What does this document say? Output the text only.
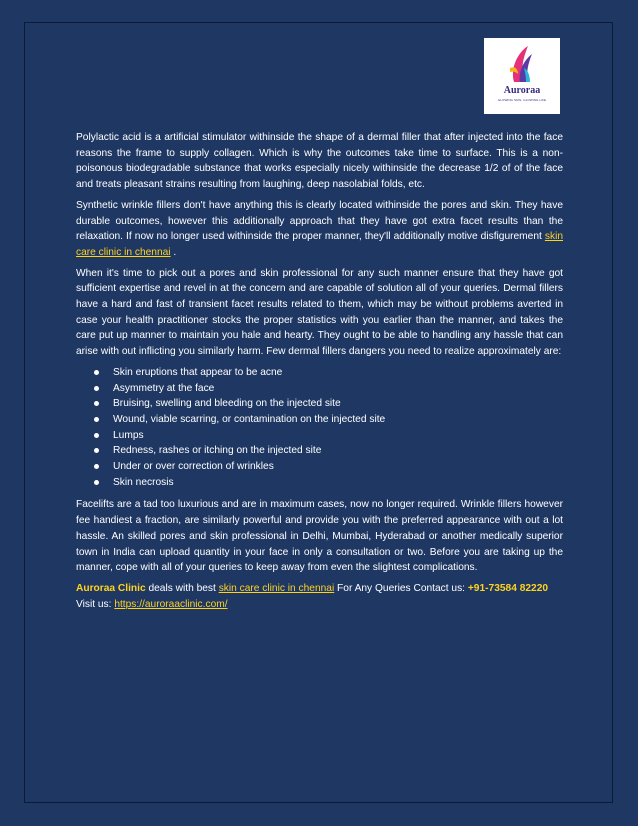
Auroraa
GLOWING SKIN, GLOWING LIFE

Polylactic acid is a artificial stimulator withinside the shape of a dermal filler that after injected into the face reasons the frame to supply collagen. Which is why the outcomes take time to surface. This is a non-poisonous biodegradable substance that works especially nicely withinside the decrease 1/2 of of the face and treats pleasant strains resulting from laughing, deep nasolabial folds, etc.

Synthetic wrinkle fillers don't have anything this is clearly located withinside the pores and skin. They have durable outcomes, however this additionally approach that they have got extra facet results than the relaxation. If now no longer used withinside the proper manner, they'll additionally motive disfigurement skin care clinic in chennai .

When it's time to pick out a pores and skin professional for any such manner ensure that they have got sufficient expertise and revel in at the concern and are capable of solution all of your queries. Dermal fillers have a hard and fast of transient facet results related to them, which may be without problems averted in case your health practitioner stocks the proper statistics with you earlier than the manner, and takes the care put up manner to maintain you hale and hearty. They ought to be able to handling any hassle that can arise with out inflicting you similarly harm. Few dermal fillers dangers you need to realize approximately are:

Skin eruptions that appear to be acne
Asymmetry at the face
Bruising, swelling and bleeding on the injected site
Wound, viable scarring, or contamination on the injected site
Lumps
Redness, rashes or itching on the injected site
Under or over correction of wrinkles
Skin necrosis

Facelifts are a tad too luxurious and are in maximum cases, now no longer required. Wrinkle fillers however fee handiest a fraction, are similarly powerful and provide you with the preferred appearance with out a lot hassle. An skilled pores and skin professional in Delhi, Mumbai, Hyderabad or another medically superior town in India can upload quantity in your face in only a consultation or two. Before you are taking up the manner, cope with all of your queries to keep away from even the slightest complications.

Auroraa Clinic deals with best skin care clinic in chennai For Any Queries Contact us: +91-73584 82220
Visit us: https://auroraaclinic.com/
